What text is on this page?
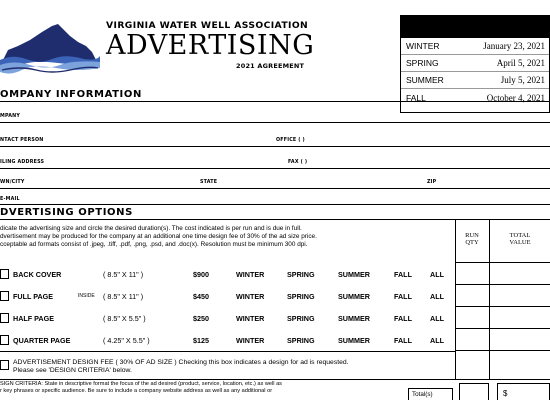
VIRGINIA WATER WELL ASSOCIATION
ADVERTISING
2021 AGREEMENT
WINTER	January 23, 2021
SPRING	April 5, 2021
SUMMER	July 5, 2021
FALL	October 4, 2021
OMPANY INFORMATION
MPANY
NTACT PERSON	OFFICE ( )
ILING ADDRESS	FAX ( )
WN/CITY	STATE	ZIP
E-MAIL
DVERTISING OPTIONS
dicate the advertising size and circle the desired duration(s). The cost indicated is per run and is due in full.
dvertisement may be produced for the company at an additional one time design fee of 30% of the ad size price.
cceptable ad formats consist of .jpeg, .tiff, .pdf, .png, .psd, and .doc(x). Resolution must be minimum 300 dpi.
RUN
QTY
TOTAL
VALUE
BACK COVER	( 8.5" X 11" )	$900	WINTER	SPRING	SUMMER	FALL	ALL
FULL PAGE	INSIDE ( 8.5" X 11" )	$450	WINTER	SPRING	SUMMER	FALL	ALL
HALF PAGE	( 8.5" X 5.5" )	$250	WINTER	SPRING	SUMMER	FALL	ALL
QUARTER PAGE	( 4.25" X 5.5" )	$125	WINTER	SPRING	SUMMER	FALL	ALL
ADVERTISEMENT DESIGN FEE ( 30% OF AD SIZE ) Checking this box indicates a design for ad is requested.
Please see 'DESIGN CRITERIA' below.
SIGN CRITERIA: State in descriptive format the focus of the ad desired (product, service, location, etc.) as well as
r key phrases or specific audience. Be sure to include a company website address as well as any additional or	Total(s)	$
